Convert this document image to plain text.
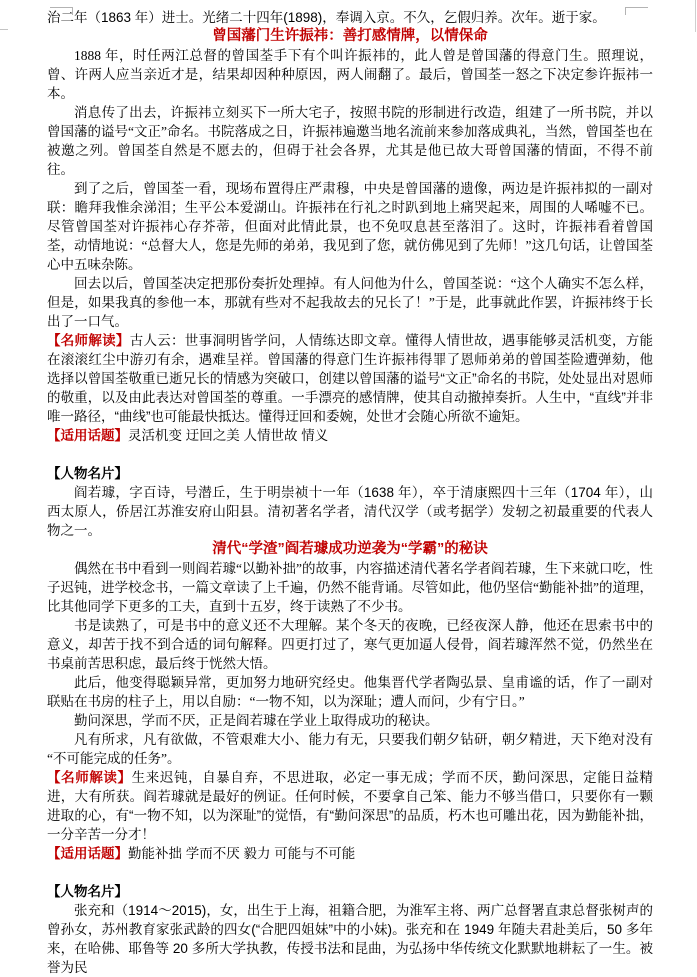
治二年（1863 年）进士。光绪二十四年(1898)，奉调入京。不久，乞假归养。次年。逝于家。

曾国藩门生许振祎：善打感情牌，以情保命

1888 年，时任两江总督的曾国荃手下有个叫许振祎的，此人曾是曾国藩的得意门生。照理说，曾、许两人应当亲近才是，结果却因种种原因，两人闹翻了。最后，曾国荃一怒之下决定参许振祎一本。

消息传了出去，许振祎立刻买下一所大宅子，按照书院的形制进行改造，组建了一所书院，并以曾国藩的谥号“文正”命名。书院落成之日，许振祎遍邀当地名流前来参加落成典礼，当然，曾国荃也在被邀之列。曾国荃自然是不愿去的，但碍于社会各界，尤其是他已故大哥曾国藩的情面，不得不前往。

到了之后，曾国荃一看，现场布置得庄严肃穆，中央是曾国藩的遗像，两边是许振祎拟的一副对联：瞻拜我惟余涕泪；生平公本爱湖山。许振祎在行礼之时趴到地上痛哭起来，周围的人唏嘘不已。尽管曾国荃对许振祎心存芥蒂，但面对此情此景，也不免叹息甚至落泪了。这时，许振祎看着曾国荃，动情地说：“总督大人，您是先师的弟弟，我见到了您，就仿佛见到了先师！”这几句话，让曾国荃心中五味杂陈。

回去以后，曾国荃决定把那份奏折处理掉。有人问他为什么，曾国荃说：“这个人确实不怎么样，但是，如果我真的参他一本，那就有些对不起我故去的兄长了！”于是，此事就此作罢，许振祎终于长出了一口气。

【名师解读】古人云：世事洞明皆学问，人情练达即文章。懂得人情世故，遇事能够灵活机变，方能在滚滚红尘中游刃有余，遇难呈祥。曾国藩的得意门生许振祎得罪了恩师弟弟的曾国荃险遭弹劾，他选择以曾国荃敬重已逝兄长的情感为突破口，创建以曾国藩的谥号“文正”命名的书院，处处显出对恩师的敬重，以及由此表达对曾国荃的尊重。一手漂亮的感情牌，使其自动撤掉奏折。人生中，“直线”并非唯一路径，“曲线”也可能最快抵达。懂得迂回和委婉，处世才会随心所欲不逾矩。

【适用话题】灵活机变 迂回之美 人情世故 情义

【人物名片】

阎若璩，字百诗，号潜丘，生于明崇祯十一年（1638 年），卒于清康熙四十三年（1704 年），山西太原人，侨居江苏淮安府山阳县。清初著名学者，清代汉学（或考据学）发轫之初最重要的代表人物之一。

清代“学渣”阎若璩成功逆袭为“学霸”的秘诀

偶然在书中看到一则阎若璩“以勤补拙”的故事，内容描述清代著名学者阎若璩，生下来就口吃，性子迟钝，进学校念书，一篇文章读了上千遍，仍然不能背诵。尽管如此，他仍坚信“勤能补拙”的道理，比其他同学下更多的工夫，直到十五岁，终于读熟了不少书。

书是读熟了，可是书中的意义还不大理解。某个冬天的夜晚，已经夜深人静，他还在思索书中的意义，却苦于找不到合适的词句解释。四更打过了，寒气更加逼人侵骨，阎若璩浑然不觉，仍然坐在书桌前苦思积虑，最后终于恍然大悟。

此后，他变得聪颖异常，更加努力地研究经史。他集晋代学者陶弘景、皇甫谧的话，作了一副对联贴在书房的柱子上，用以自励：“一物不知，以为深耻；遭人而问，少有宁日。”

勤问深思，学而不厌，正是阎若璩在学业上取得成功的秘诀。

凡有所求，凡有欲做，不管艰难大小、能力有无，只要我们朝夕钻研，朝夕精进，天下绝对没有“不可能完成的任务”。

【名师解读】生来迟钝，自暴自弃，不思进取，必定一事无成；学而不厌，勤问深思，定能日益精进，大有所获。阎若璩就是最好的例证。任何时候，不要拿自己笨、能力不够当借口，只要你有一颗进取的心，有“一物不知，以为深耻”的觉悟，有“勤问深思”的品质，朽木也可雕出花，因为勤能补拙，一分辛苦一分才！

【适用话题】勤能补拙 学而不厌 毅力 可能与不可能

【人物名片】

张充和（1914～2015)，女，出生于上海，祖籍合肥，为淮军主将、两广总督署直隶总督张树声的曾孙女，苏州教育家张武龄的四女(“合肥四姐妹”中的小妹)。张充和在 1949 年随夫君赴美后，50 多年来，在哈佛、耶鲁等 20 多所大学执教，传授书法和昆曲，为弘扬中华传统文化默默地耕耘了一生。被誉为民
